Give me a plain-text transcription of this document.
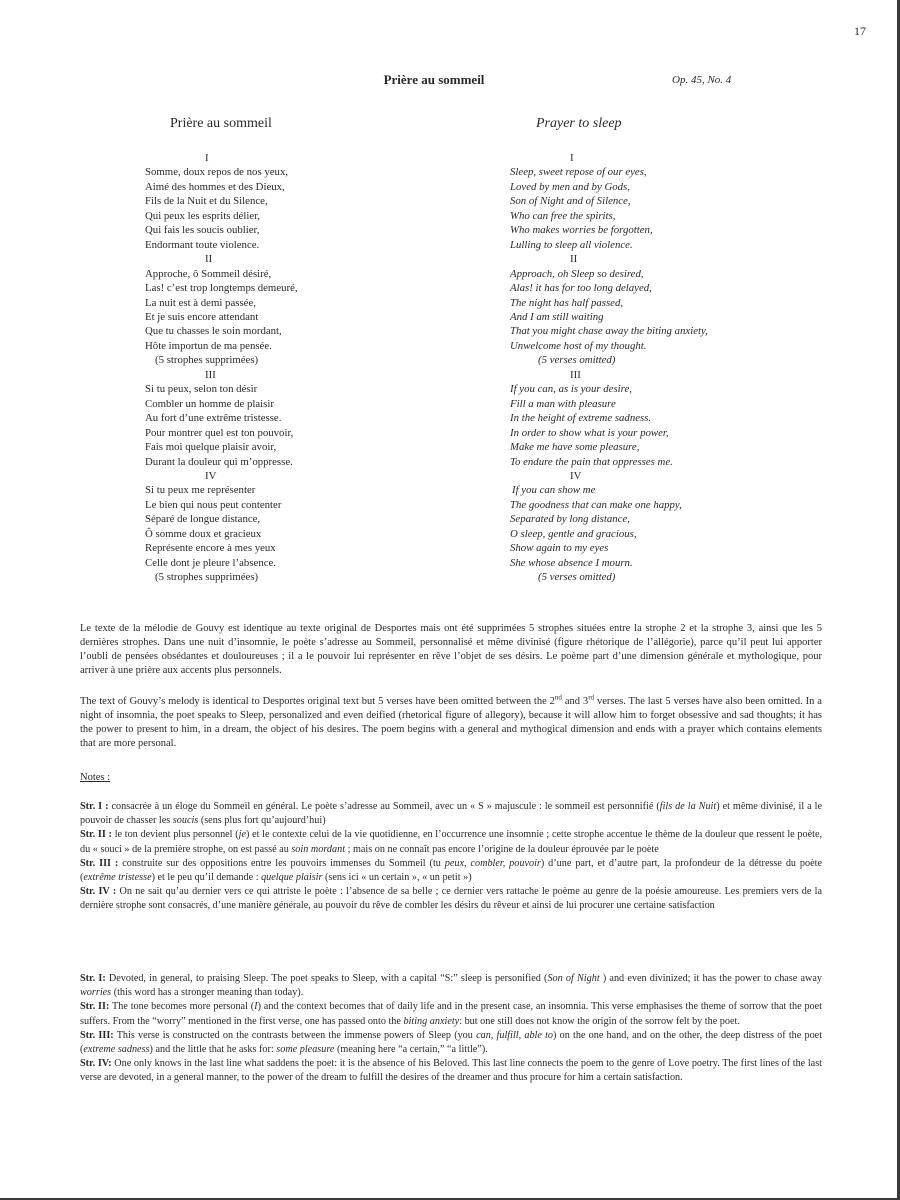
17
Prière au sommeil	Op. 45, No. 4
Prière au sommeil	Prayer to sleep
I
Somme, doux repos de nos yeux,
Aimé des hommes et des Dieux,
Fils de la Nuit et du Silence,
Qui peux les esprits délier,
Qui fais les soucis oublier,
Endormant toute violence.
II
Approche, ô Sommeil désiré,
Las! c’est trop longtemps demeuré,
La nuit est à demi passée,
Et je suis encore attendant
Que tu chasses le soin mordant,
Hôte importun de ma pensée.
(5 strophes supprimées)
III
Si tu peux, selon ton désir
Combler un homme de plaisir
Au fort d’une extrême tristesse.
Pour montrer quel est ton pouvoir,
Fais moi quelque plaisir avoir,
Durant la douleur qui m’oppresse.
IV
Si tu peux me représenter
Le bien qui nous peut contenter
Séparé de longue distance,
Ô somme doux et gracieux
Représente encore à mes yeux
Celle dont je pleure l’absence.
(5 strophes supprimées)
I
Sleep, sweet repose of our eyes,
Loved by men and by Gods,
Son of Night and of Silence,
Who can free the spirits,
Who makes worries be forgotten,
Lulling to sleep all violence.
II
Approach, oh Sleep so desired,
Alas! it has for too long delayed,
The night has half passed,
And I am still waiting
That you might chase away the biting anxiety,
Unwelcome host of my thought.
(5 verses omitted)
III
If you can, as is your desire,
Fill a man with pleasure
In the height of extreme sadness.
In order to show what is your power,
Make me have some pleasure,
To endure the pain that oppresses me.
IV
If you can show me
The goodness that can make one happy,
Separated by long distance,
O sleep, gentle and gracious,
Show again to my eyes
She whose absence I mourn.
(5 verses omitted)

Le texte de la mélodie de Gouvy est identique au texte original de Desportes mais ont été supprimées 5 strophes situées entre la strophe 2 et la strophe 3, ainsi que les 5 dernières strophes. Dans une nuit d’insomnie, le poète s’adresse au Sommeil, personnalisé et même divinisé (figure rhétorique de l’allégorie), parce qu’il peut lui apporter l’oubli de pensées obsédantes et douloureuses ; il a le pouvoir lui représenter en rêve l’objet de ses désirs. Le poème part d’une dimension générale et mythologique, pour arriver à une prière aux accents plus personnels.

The text of Gouvy’s melody is identical to Desportes original text but 5 verses have been omitted between the 2nd and 3rd verses. The last 5 verses have also been omitted. In a night of insomnia, the poet speaks to Sleep, personalized and even deified (rhetorical figure of allegory), because it will allow him to forget obsessive and sad thoughts; it has the power to present to him, in a dream, the object of his desires. The poem begins with a general and mythogical dimension and ends with a prayer which contains elements that are more personal.

Notes :

Str. I : consacrée à un éloge du Sommeil en général. Le poète s’adresse au Sommeil, avec un « S » majuscule : le sommeil est personnifié (fils de la Nuit) et même divinisé, il a le pouvoir de chasser les soucis (sens plus fort qu’aujourd’hui)

Str. II : le ton devient plus personnel (je) et le contexte celui de la vie quotidienne, en l’occurrence une insomnie ; cette strophe accentue le thème de la douleur que ressent le poète, du « souci » de la première strophe, on est passé au soin mordant ; mais on ne connaît pas encore l’origine de la douleur éprouvée par le poète

Str. III : construite sur des oppositions entre les pouvoirs immenses du Sommeil (tu peux, combler, pouvoir) d’une part, et d’autre part, la profondeur de la détresse du poète (extrême tristesse) et le peu qu’il demande : quelque plaisir (sens ici « un certain », « un petit »)

Str. IV : On ne sait qu’au dernier vers ce qui attriste le poète : l’absence de sa belle ; ce dernier vers rattache le poème au genre de la poésie amoureuse. Les premiers vers de la dernière strophe sont consacrés, d’une manière générale, au pouvoir du rêve de combler les désirs du rêveur et ainsi de lui procurer une certaine satisfaction

Str. I: Devoted, in general, to praising Sleep. The poet speaks to Sleep, with a capital “S:” sleep is personified (Son of Night ) and even divinized; it has the power to chase away worries (this word has a stronger meaning than today).

Str. II: The tone becomes more personal (I) and the context becomes that of daily life and in the present case, an insomnia. This verse emphasises the theme of sorrow that the poet suffers. From the “worry” mentioned in the first verse, one has passed onto the biting anxiety: but one still does not know the origin of the sorrow felt by the poet.

Str. III: This verse is constructed on the contrasts between the immense powers of Sleep (you can, fulfill, able to) on the one hand, and on the other, the deep distress of the poet (extreme sadness) and the little that he asks for: some pleasure (meaning here “a certain,” “a little”).

Str. IV: One only knows in the last line what saddens the poet: it is the absence of his Beloved. This last line connects the poem to the genre of Love poetry. The first lines of the last verse are devoted, in a general manner, to the power of the dream to fulfill the desires of the dreamer and thus procure for him a certain satisfaction.
